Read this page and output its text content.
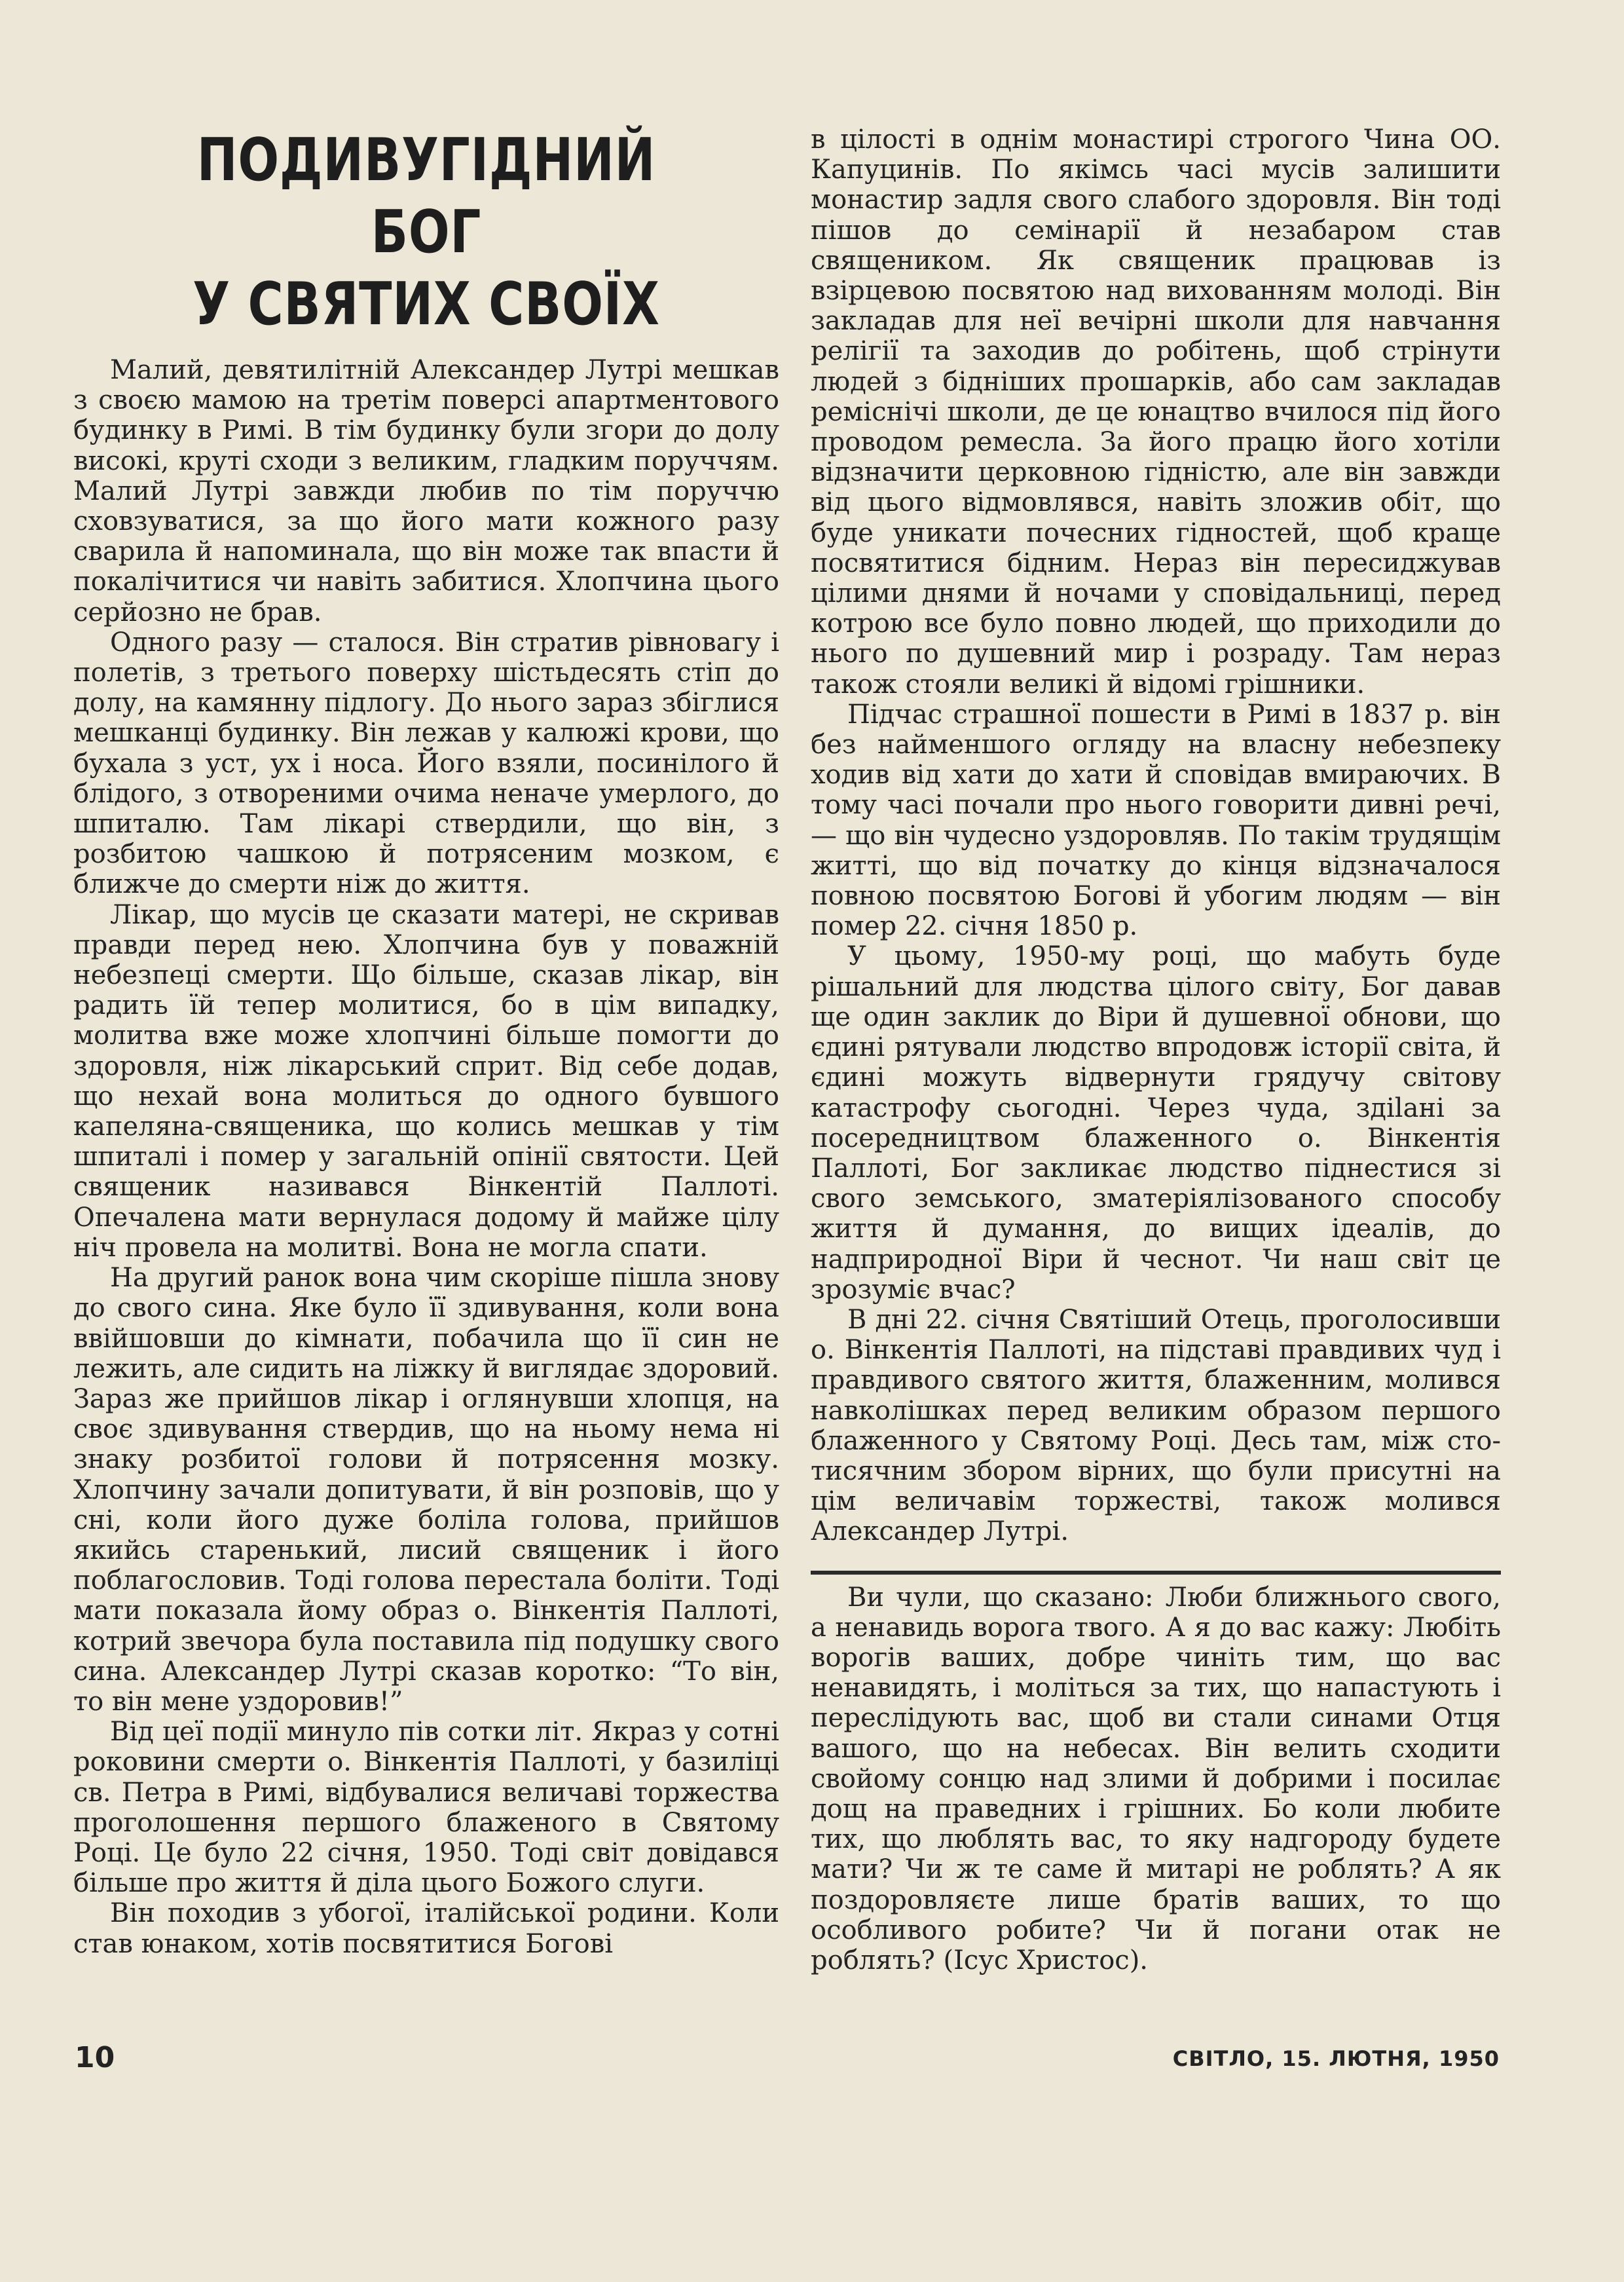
ПОДИВУГІДНИЙ БОГ
У СВЯТИХ СВОЇХ

Малий, девятилітній Александер Лутрі мешкав з своєю мамою на третім поверсі апартментового будинку в Римі. В тім будинку були згори до долу високі, круті сходи з великим, гладким поруччям. Малий Лутрі завжди любив по тім поруччю сховзуватися, за що його мати кожного разу сварила й напоминала, що він може так впасти й покалічитися чи навіть забитися. Хлопчина цього серйозно не брав.

Одного разу — сталося. Він стратив рівновагу і полетів, з третього поверху шістьдесять стіп до долу, на камянну підлогу. До нього зараз збіглися мешканці будинку. Він лежав у калюжі крови, що бухала з уст, ух і носа. Його взяли, посинілого й блідого, з отвореними очима неначе умерлого, до шпиталю. Там лікарі ствердили, що він, з розбитою чашкою й потрясеним мозком, є ближче до смерти ніж до життя.

Лікар, що мусів це сказати матері, не скривав правди перед нею. Хлопчина був у поважній небезпеці смерти. Що більше, сказав лікар, він радить їй тепер молитися, бо в цім випадку, молитва вже може хлопчині більше помогти до здоровля, ніж лікарський сприт. Від себе додав, що нехай вона молиться до одного бувшого капеляна-священика, що колись мешкав у тім шпиталі і помер у загальній опінії святости. Цей священик називався Вінкентій Паллоті. Опечалена мати вернулася додому й майже цілу ніч провела на молитві. Вона не могла спати.

На другий ранок вона чим скоріше пішла знову до свого сина. Яке було її здивування, коли вона ввійшовши до кімнати, побачила що її син не лежить, але сидить на ліжку й виглядає здоровий. Зараз же прийшов лікар і оглянувши хлопця, на своє здивування ствердив, що на ньому нема ні знаку розбитої голови й потрясення мозку. Хлопчину зачали допитувати, й він розповів, що у сні, коли його дуже боліла голова, прийшов якийсь старенький, лисий священик і його поблагословив. Тоді голова перестала боліти. Тоді мати показала йому образ о. Вінкентія Паллоті, котрий звечора була поставила під подушку свого сина. Александер Лутрі сказав коротко: “То він, то він мене уздоровив!”

Від цеї події минуло пів сотки літ. Якраз у сотні роковини смерти о. Вінкентія Паллоті, у базиліці св. Петра в Римі, відбувалися величаві торжества проголошення першого блаженого в Святому Році. Це було 22 січня, 1950. Тоді світ довідався більше про життя й діла цього Божого слуги.

Він походив з убогої, італійської родини. Коли став юнаком, хотів посвятитися Богові

в цілості в однім монастирі строгого Чина ОО. Капуцинів. По якімсь часі мусів залишити монастир задля свого слабого здоровля. Він тоді пішов до семінарії й незабаром став священиком. Як священик працював із взірцевою посвятою над вихованням молоді. Він закладав для неї вечірні школи для навчання релігії та заходив до робітень, щоб стрінути людей з бідніших прошарків, або сам закладав реміснічі школи, де це юнацтво вчилося під його проводом ремесла. За його працю його хотіли відзначити церковною гідністю, але він завжди від цього відмовлявся, навіть зложив обіт, що буде уникати почесних гідностей, щоб краще посвятитися бідним. Нераз він пересиджував цілими днями й ночами у сповідальниці, перед котрою все було повно людей, що приходили до нього по душевний мир і розраду. Там нераз також стояли великі й відомі грішники.

Підчас страшної пошести в Римі в 1837 р. він без найменшого огляду на власну небезпеку ходив від хати до хати й сповідав вмираючих. В тому часі почали про нього говорити дивні речі, — що він чудесно уздоровляв. По такім трудящім житті, що від початку до кінця відзначалося повною посвятою Богові й убогим людям — він помер 22. січня 1850 р.

У цьому, 1950-му році, що мабуть буде рішальний для людства цілого світу, Бог давав ще один заклик до Віри й душевної обнови, що єдині рятували людство впродовж історії світа, й єдині можуть відвернути грядучу світову катастрофу сьогодні. Через чуда, здіlані за посередництвом блаженного о. Вінкентія Паллоті, Бог закликає людство піднестися зі свого земського, зматеріялізованого способу життя й думання, до вищих ідеалів, до надприродної Віри й чеснот. Чи наш світ це зрозуміє вчас?

В дні 22. січня Святіший Отець, проголосивши о. Вінкентія Паллоті, на підставі правдивих чуд і правдивого святого життя, блаженним, молився навколішках перед великим образом першого блаженного у Святому Році. Десь там, між сто-тисячним збором вірних, що були присутні на цім величавім торжестві, також молився Александер Лутрі.

Ви чули, що сказано: Люби ближнього свого, а ненавидь ворога твого. А я до вас кажу: Любіть ворогів ваших, добре чиніть тим, що вас ненавидять, і моліться за тих, що напастують і переслідують вас, щоб ви стали синами Отця вашого, що на небесах. Він велить сходити свойому сонцю над злими й добрими і посилає дощ на праведних і грішних. Бо коли любите тих, що люблять вас, то яку надгороду будете мати? Чи ж те саме й митарі не роблять? А як поздоровляєте лише братів ваших, то що особливого робите? Чи й погани отак не роблять? (Ісус Христос).

10	СВІТЛО, 15. ЛЮТНЯ, 1950
